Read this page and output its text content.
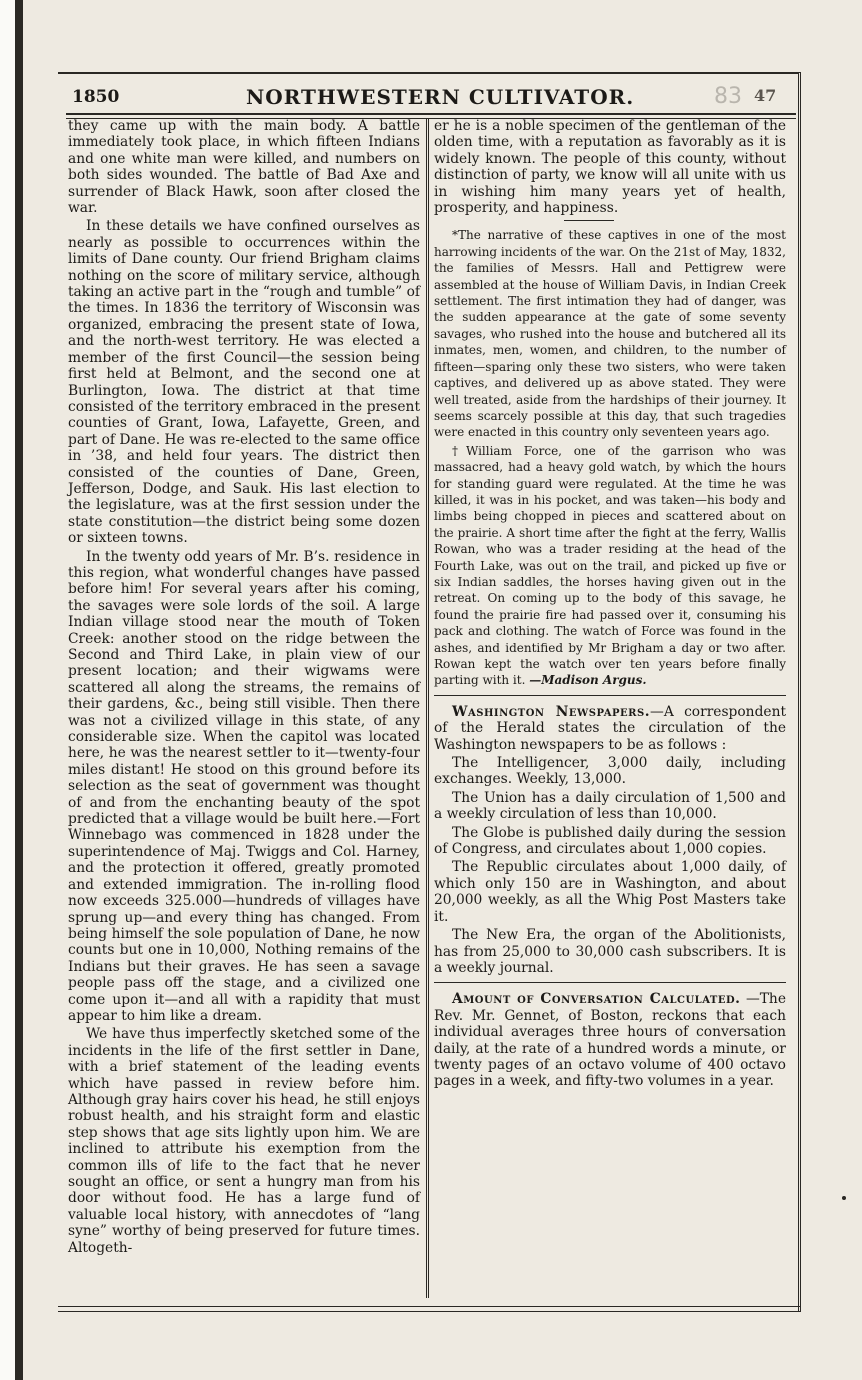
1850	NORTHWESTERN CULTIVATOR.	83 47

they came up with the main body. A battle immediately took place, in which fifteen Indians and one white man were killed, and numbers on both sides wounded. The battle of Bad Axe and surrender of Black Hawk, soon after closed the war.

In these details we have confined ourselves as nearly as possible to occurrences within the limits of Dane county. Our friend Brigham claims nothing on the score of military service, although taking an active part in the “rough and tumble” of the times. In 1836 the territory of Wisconsin was organized, embracing the present state of Iowa, and the north-west territory. He was elected a member of the first Council—the session being first held at Belmont, and the second one at Burlington, Iowa. The district at that time consisted of the territory embraced in the present counties of Grant, Iowa, Lafayette, Green, and part of Dane. He was re-elected to the same office in ’38, and held four years. The district then consisted of the counties of Dane, Green, Jefferson, Dodge, and Sauk. His last election to the legislature, was at the first session under the state constitution—the district being some dozen or sixteen towns.

In the twenty odd years of Mr. B’s. residence in this region, what wonderful changes have passed before him! For several years after his coming, the savages were sole lords of the soil. A large Indian village stood near the mouth of Token Creek: another stood on the ridge between the Second and Third Lake, in plain view of our present location; and their wigwams were scattered all along the streams, the remains of their gardens, &c., being still visible. Then there was not a civilized village in this state, of any considerable size. When the capitol was located here, he was the nearest settler to it—twenty-four miles distant! He stood on this ground before its selection as the seat of government was thought of and from the enchanting beauty of the spot predicted that a village would be built here.—Fort Winnebago was commenced in 1828 under the superintendence of Maj. Twiggs and Col. Harney, and the protection it offered, greatly promoted and extended immigration. The in-rolling flood now exceeds 325.000—hundreds of villages have sprung up—and every thing has changed. From being himself the sole population of Dane, he now counts but one in 10,000, Nothing remains of the Indians but their graves. He has seen a savage people pass off the stage, and a civilized one come upon it—and all with a rapidity that must appear to him like a dream.

We have thus imperfectly sketched some of the incidents in the life of the first settler in Dane, with a brief statement of the leading events which have passed in review before him. Although gray hairs cover his head, he still enjoys robust health, and his straight form and elastic step shows that age sits lightly upon him. We are inclined to attribute his exemption from the common ills of life to the fact that he never sought an office, or sent a hungry man from his door without food. He has a large fund of valuable local history, with annecdotes of “lang syne” worthy of being preserved for future times. Altogeth-

er he is a noble specimen of the gentleman of the olden time, with a reputation as favorably as it is widely known. The people of this county, without distinction of party, we know will all unite with us in wishing him many years yet of health, prosperity, and happiness.

*The narrative of these captives in one of the most harrowing incidents of the war. On the 21st of May, 1832, the families of Messrs. Hall and Pettigrew were assembled at the house of William Davis, in Indian Creek settlement. The first intimation they had of danger, was the sudden appearance at the gate of some seventy savages, who rushed into the house and butchered all its inmates, men, women, and children, to the number of fifteen—sparing only these two sisters, who were taken captives, and delivered up as above stated. They were well treated, aside from the hardships of their journey. It seems scarcely possible at this day, that such tragedies were enacted in this country only seventeen years ago.

†William Force, one of the garrison who was massacred, had a heavy gold watch, by which the hours for standing guard were regulated. At the time he was killed, it was in his pocket, and was taken—his body and limbs being chopped in pieces and scattered about on the prairie. A short time after the fight at the ferry, Wallis Rowan, who was a trader residing at the head of the Fourth Lake, was out on the trail, and picked up five or six Indian saddles, the horses having given out in the retreat. On coming up to the body of this savage, he found the prairie fire had passed over it, consuming his pack and clothing. The watch of Force was found in the ashes, and identified by Mr Brigham a day or two after. Rowan kept the watch over ten years before finally parting with it. —Madison Argus.

Washington Newspapers.—A correspondent of the Herald states the circulation of the Washington newspapers to be as follows :

The Intelligencer, 3,000 daily, including exchanges. Weekly, 13,000.

The Union has a daily circulation of 1,500 and a weekly circulation of less than 10,000.

The Globe is published daily during the session of Congress, and circulates about 1,000 copies.

The Republic circulates about 1,000 daily, of which only 150 are in Washington, and about 20,000 weekly, as all the Whig Post Masters take it.

The New Era, the organ of the Abolitionists, has from 25,000 to 30,000 cash subscribers. It is a weekly journal.

Amount of Conversation Calculated. —The Rev. Mr. Gennet, of Boston, reckons that each individual averages three hours of conversation daily, at the rate of a hundred words a minute, or twenty pages of an octavo volume of 400 octavo pages in a week, and fifty-two volumes in a year.
